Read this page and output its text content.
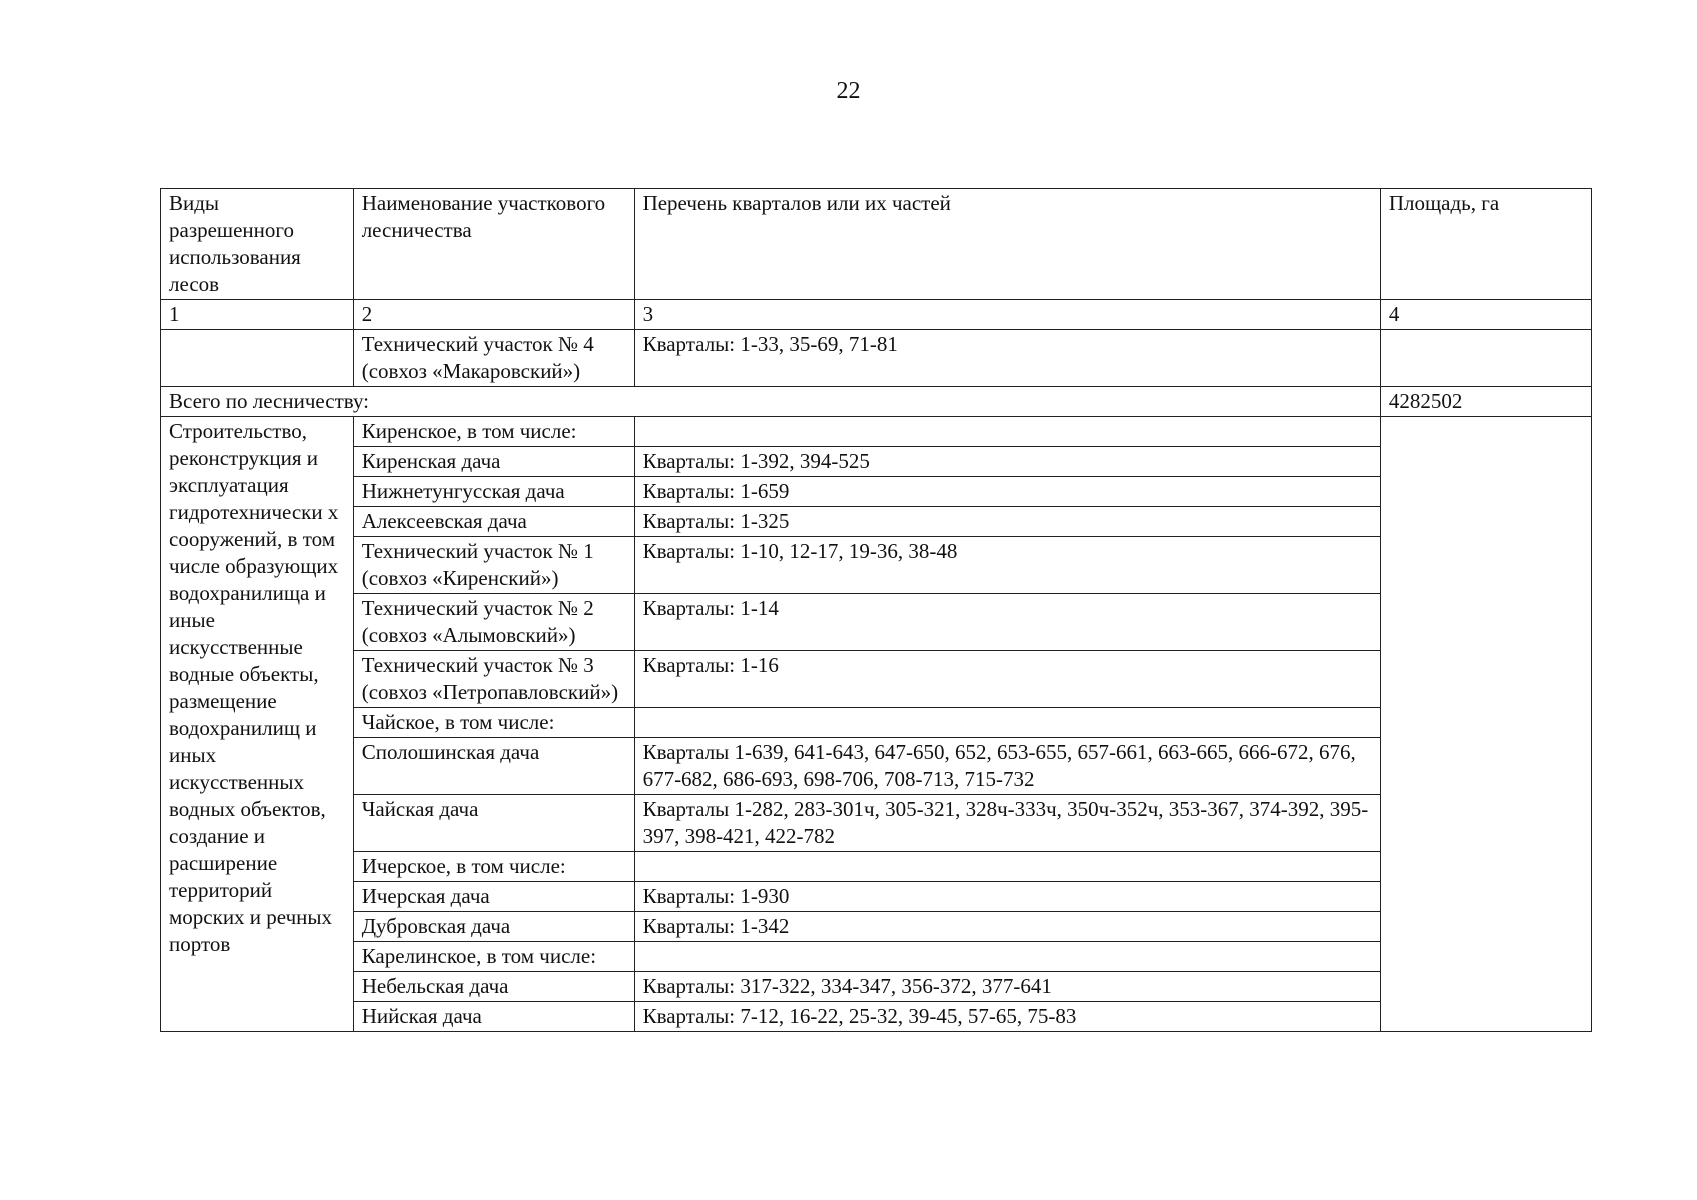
22
Виды разрешенного использования лесов	Наименование участкового лесничества	Перечень кварталов или их частей	Площадь, га
1	2	3	4
	Технический участок № 4 (совхоз «Макаровский»)	Кварталы: 1-33, 35-69, 71-81	
Всего по лесничеству:			4282502
Строительство, реконструкция и эксплуатация гидротехнически х сооружений, в том числе образующих водохранилища и иные искусственные водные объекты, размещение водохранилищ и иных искусственных водных объектов, создание и расширение территорий морских и речных портов	Киренское, в том числе:		
	Киренская дача	Кварталы: 1-392, 394-525	
	Нижнетунгусская дача	Кварталы: 1-659	
	Алексеевская дача	Кварталы: 1-325	
	Технический участок № 1 (совхоз «Киренский»)	Кварталы: 1-10, 12-17, 19-36, 38-48	
	Технический участок № 2 (совхоз «Алымовский»)	Кварталы: 1-14	
	Технический участок № 3 (совхоз «Петропавловский»)	Кварталы: 1-16	
	Чайское, в том числе:		
	Сполошинская дача	Кварталы 1-639, 641-643, 647-650, 652, 653-655, 657-661, 663-665, 666-672, 676, 677-682, 686-693, 698-706, 708-713, 715-732	
	Чайская дача	Кварталы 1-282, 283-301ч, 305-321, 328ч-333ч, 350ч-352ч, 353-367, 374-392, 395-397, 398-421, 422-782	
	Ичерское, в том числе:		
	Ичерская дача	Кварталы: 1-930	
	Дубровская дача	Кварталы: 1-342	
	Карелинское, в том числе:		
	Небельская дача	Кварталы: 317-322, 334-347, 356-372, 377-641	
	Нийская дача	Кварталы: 7-12, 16-22, 25-32, 39-45, 57-65, 75-83	
